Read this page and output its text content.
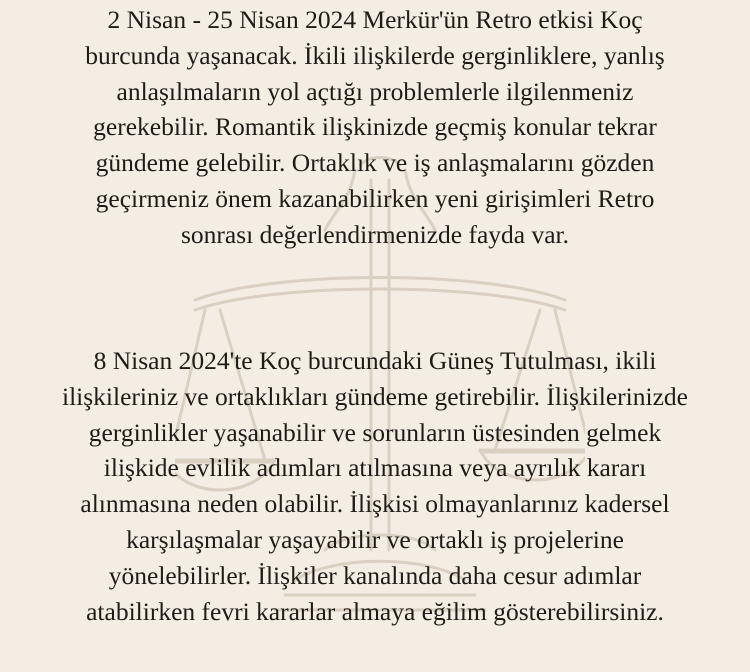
2 Nisan - 25 Nisan 2024 Merkür'ün Retro etkisi Koç
burcunda yaşanacak. İkili ilişkilerde gerginliklere, yanlış
anlaşılmaların yol açtığı problemlerle ilgilenmeniz
gerekebilir. Romantik ilişkinizde geçmiş konular tekrar
gündeme gelebilir. Ortaklık ve iş anlaşmalarını gözden
geçirmeniz önem kazanabilirken yeni girişimleri Retro
sonrası değerlendirmenizde fayda var.

8 Nisan 2024'te Koç burcundaki Güneş Tutulması, ikili
ilişkileriniz ve ortaklıkları gündeme getirebilir. İlişkilerinizde
gerginlikler yaşanabilir ve sorunların üstesinden gelmek
ilişkide evlilik adımları atılmasına veya ayrılık kararı
alınmasına neden olabilir. İlişkisi olmayanlarınız kadersel
karşılaşmalar yaşayabilir ve ortaklı iş projelerine
yönelebilirler. İlişkiler kanalında daha cesur adımlar
atabilirken fevri kararlar almaya eğilim gösterebilirsiniz.
